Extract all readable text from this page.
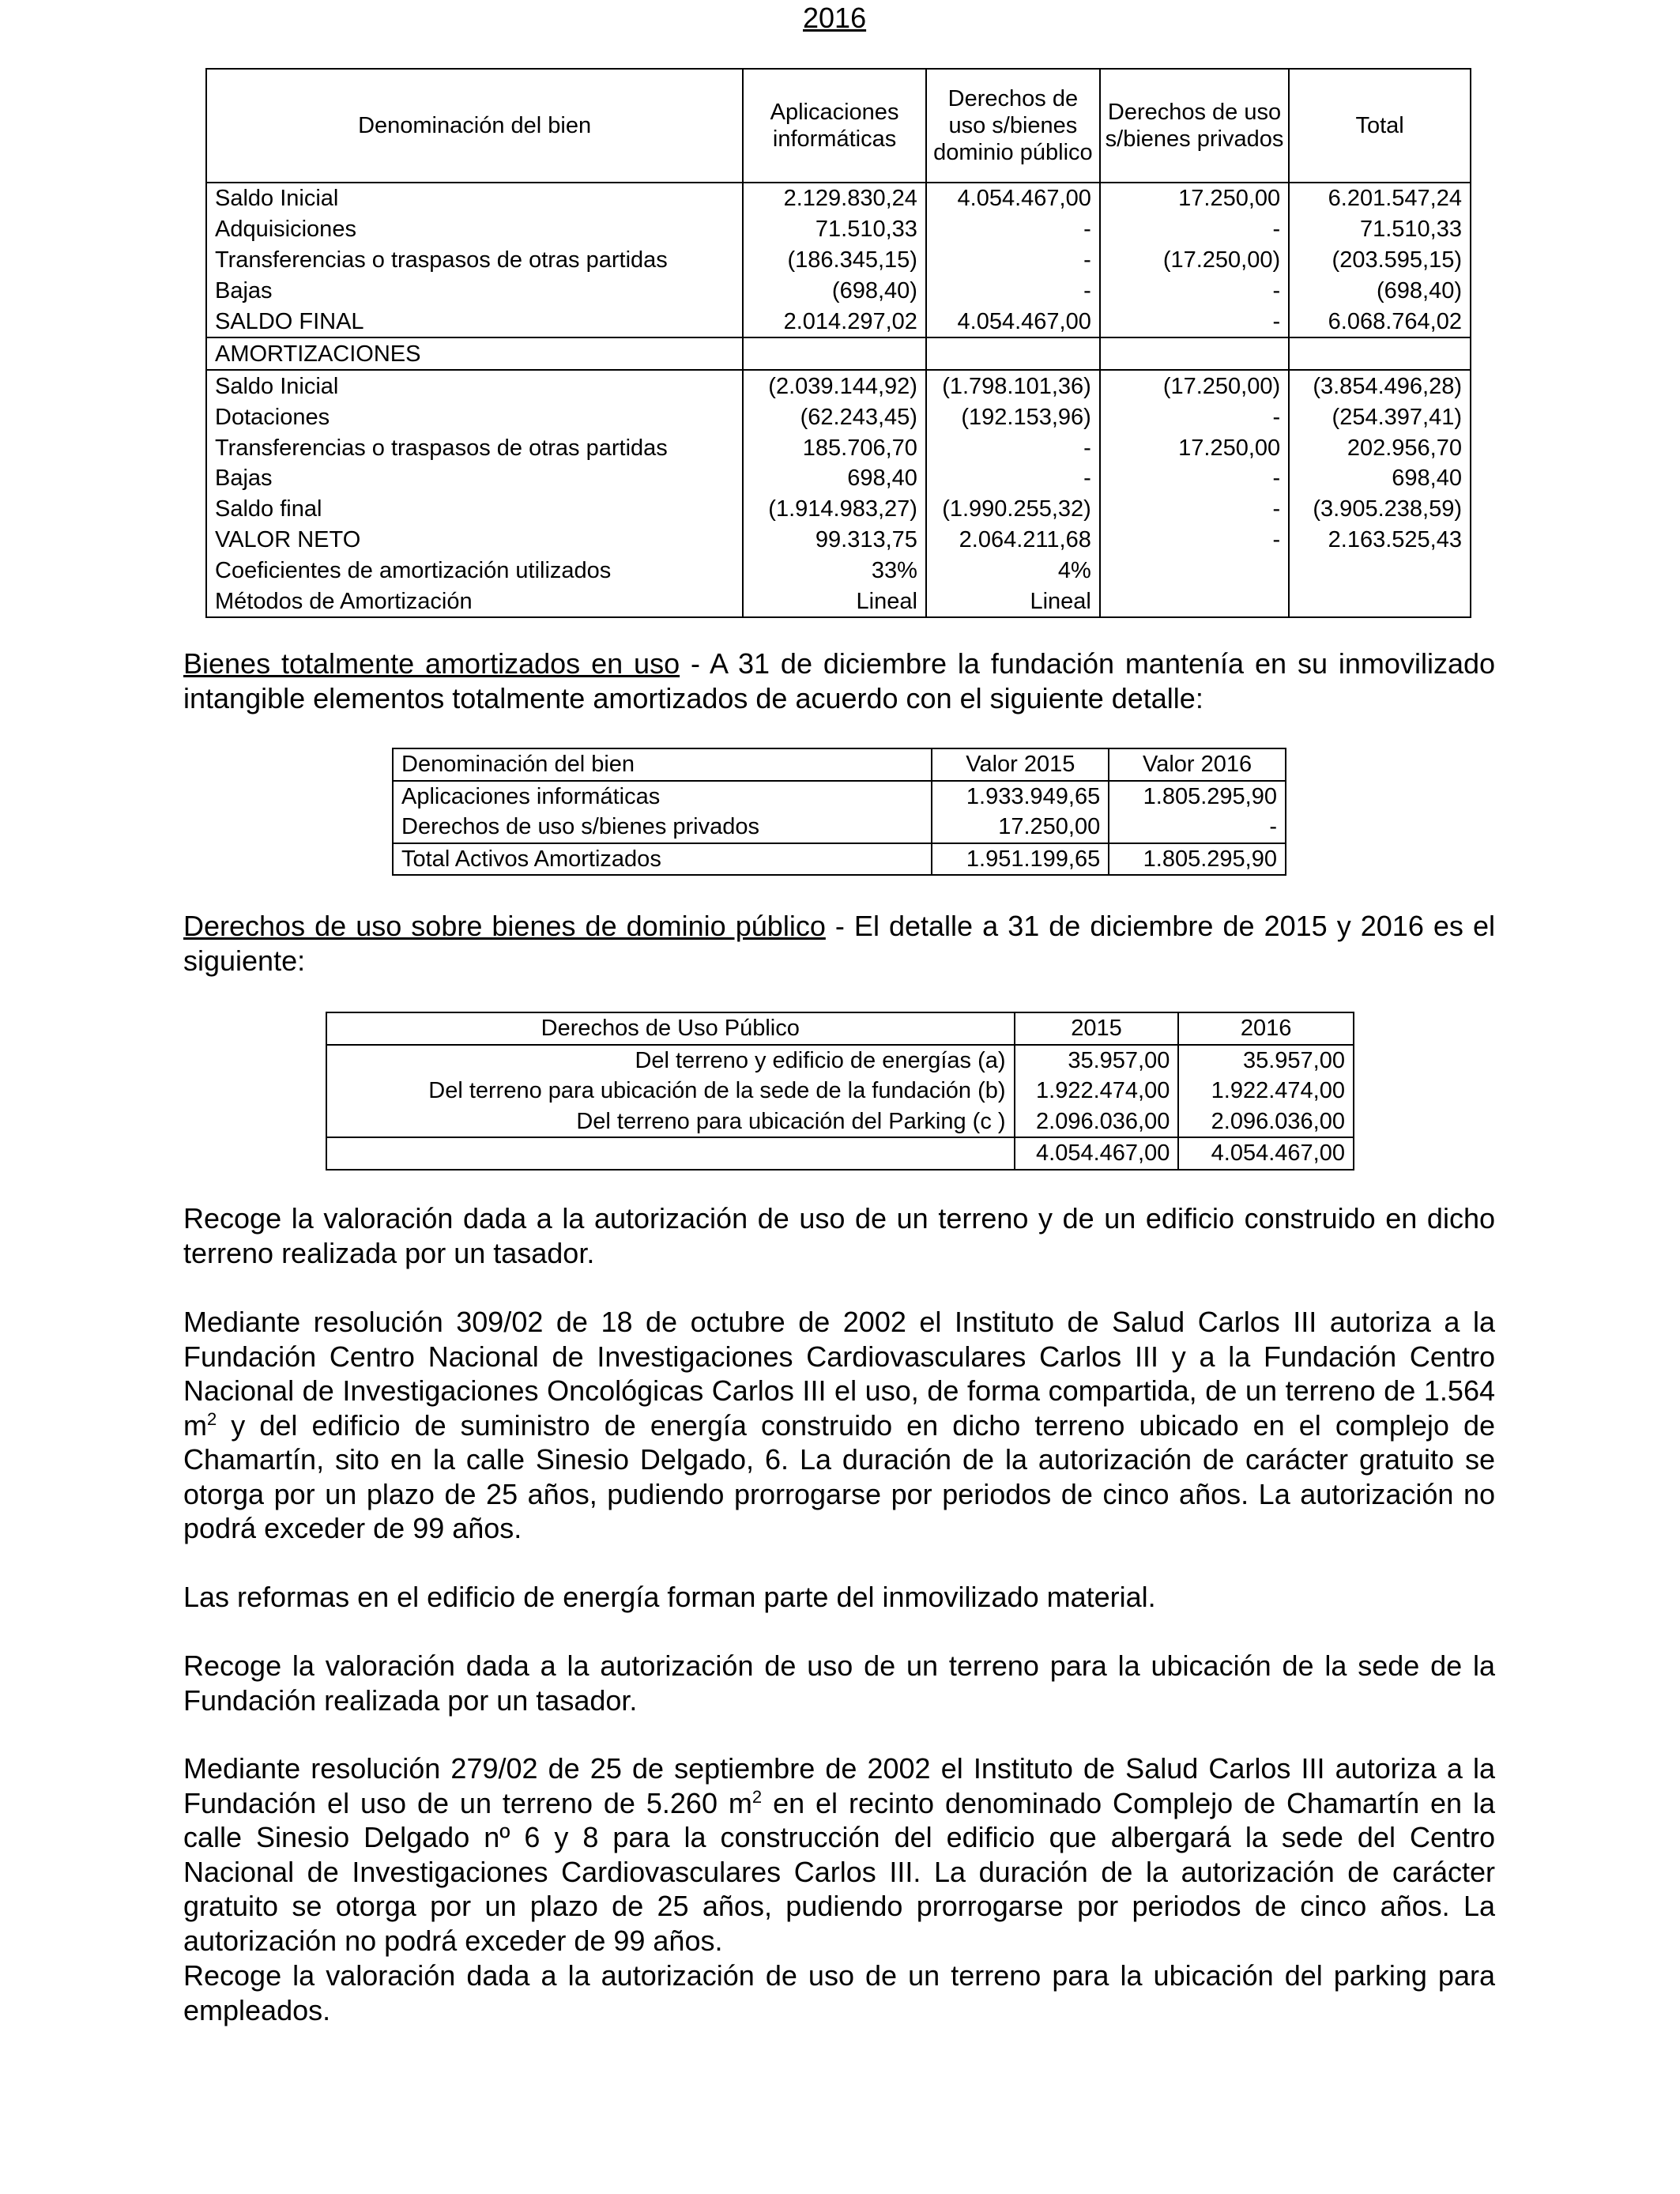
2016
Denominación del bien	Aplicaciones informáticas	Derechos de uso s/bienes dominio público	Derechos de uso s/bienes privados	Total
Saldo Inicial	2.129.830,24	4.054.467,00	17.250,00	6.201.547,24
Adquisiciones	71.510,33	-	-	71.510,33
Transferencias o traspasos de otras partidas	(186.345,15)	-	(17.250,00)	(203.595,15)
Bajas	(698,40)	-	-	(698,40)
SALDO FINAL	2.014.297,02	4.054.467,00	-	6.068.764,02
AMORTIZACIONES				
Saldo Inicial	(2.039.144,92)	(1.798.101,36)	(17.250,00)	(3.854.496,28)
Dotaciones	(62.243,45)	(192.153,96)	-	(254.397,41)
Transferencias o traspasos de otras partidas	185.706,70	-	17.250,00	202.956,70
Bajas	698,40	-	-	698,40
Saldo final	(1.914.983,27)	(1.990.255,32)	-	(3.905.238,59)
VALOR NETO	99.313,75	2.064.211,68	-	2.163.525,43
Coeficientes de amortización utilizados	33%	4%		
Métodos de Amortización	Lineal	Lineal		
Bienes totalmente amortizados en uso - A 31 de diciembre la fundación mantenía en su inmovilizado intangible elementos totalmente amortizados de acuerdo con el siguiente detalle:
Denominación del bien	Valor 2015	Valor 2016
Aplicaciones informáticas	1.933.949,65	1.805.295,90
Derechos de uso s/bienes privados	17.250,00	-
Total Activos Amortizados	1.951.199,65	1.805.295,90
Derechos de uso sobre bienes de dominio público - El detalle a 31 de diciembre de 2015 y 2016 es el siguiente:
Derechos de Uso Público	2015	2016
Del terreno y edificio de energías (a)	35.957,00	35.957,00
Del terreno para ubicación de la sede de la fundación (b)	1.922.474,00	1.922.474,00
Del terreno para ubicación del Parking (c )	2.096.036,00	2.096.036,00
	4.054.467,00	4.054.467,00
Recoge la valoración dada a la autorización de uso de un terreno y de un edificio construido en dicho terreno realizada por un tasador.
Mediante resolución 309/02 de 18 de octubre de 2002 el Instituto de Salud Carlos III autoriza a la Fundación Centro Nacional de Investigaciones Cardiovasculares Carlos III y a la Fundación Centro Nacional de Investigaciones Oncológicas Carlos III el uso, de forma compartida, de un terreno de 1.564 $m^2$ y del edificio de suministro de energía construido en dicho terreno ubicado en el complejo de Chamartín, sito en la calle Sinesio Delgado, 6. La duración de la autorización de carácter gratuito se otorga por un plazo de 25 años, pudiendo prorrogarse por periodos de cinco años. La autorización no podrá exceder de 99 años.
Las reformas en el edificio de energía forman parte del inmovilizado material.
Recoge la valoración dada a la autorización de uso de un terreno para la ubicación de la sede de la Fundación realizada por un tasador.
Mediante resolución 279/02 de 25 de septiembre de 2002 el Instituto de Salud Carlos III autoriza a la Fundación el uso de un terreno de 5.260 $m^2$ en el recinto denominado Complejo de Chamartín en la calle Sinesio Delgado nº 6 y 8 para la construcción del edificio que albergará la sede del Centro Nacional de Investigaciones Cardiovasculares Carlos III. La duración de la autorización de carácter gratuito se otorga por un plazo de 25 años, pudiendo prorrogarse por periodos de cinco años. La autorización no podrá exceder de 99 años.
Recoge la valoración dada a la autorización de uso de un terreno para la ubicación del parking para empleados.
